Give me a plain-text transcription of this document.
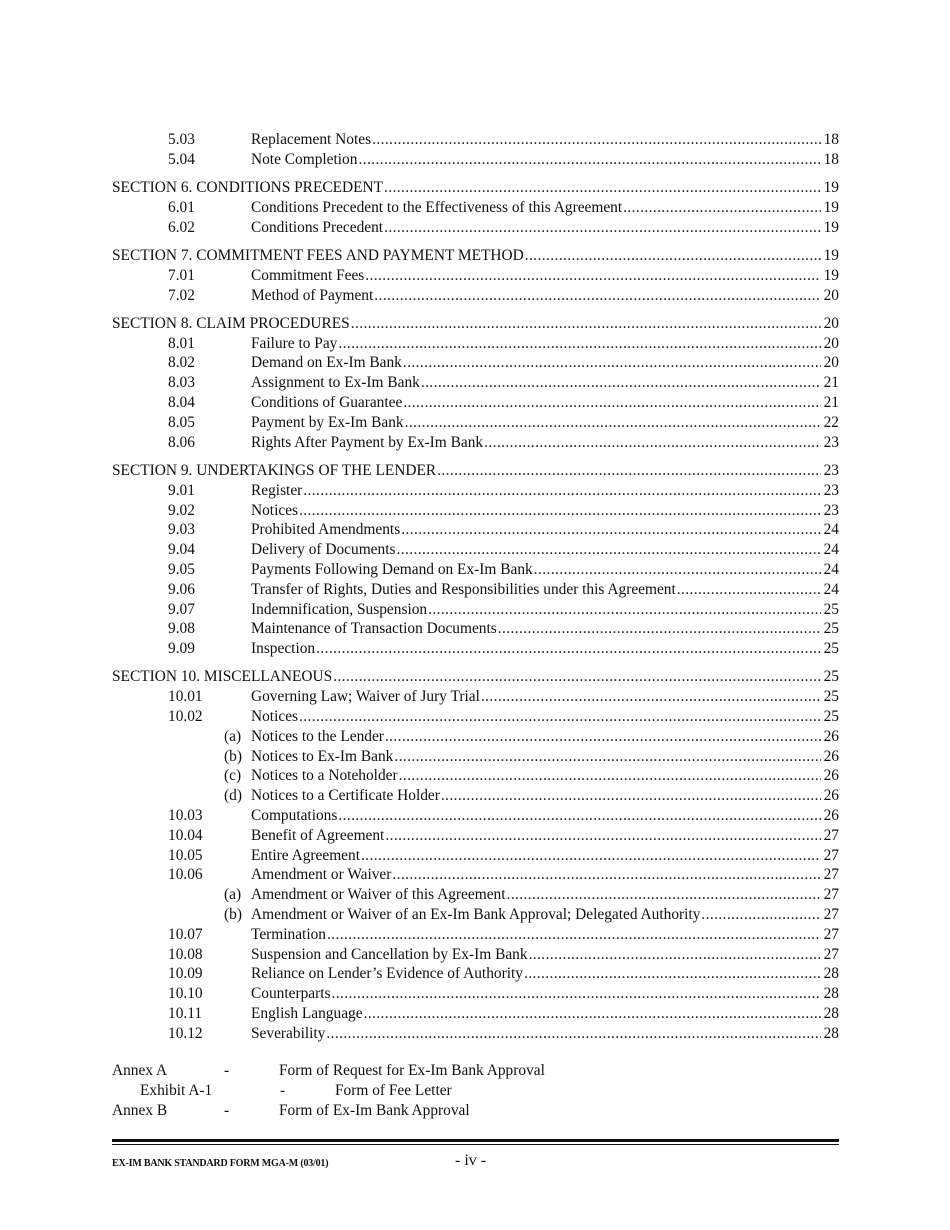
5.03	Replacement Notes .....	18
5.04	Note Completion .....	18
SECTION 6. CONDITIONS PRECEDENT .....	19
6.01	Conditions Precedent to the Effectiveness of this Agreement .....	19
6.02	Conditions Precedent .....	19
SECTION 7. COMMITMENT FEES AND PAYMENT METHOD .....	19
7.01	Commitment Fees .....	19
7.02	Method of Payment .....	20
SECTION 8. CLAIM PROCEDURES .....	20
8.01	Failure to Pay .....	20
8.02	Demand on Ex-Im Bank .....	20
8.03	Assignment to Ex-Im Bank .....	21
8.04	Conditions of Guarantee .....	21
8.05	Payment by Ex-Im Bank .....	22
8.06	Rights After Payment by Ex-Im Bank .....	23
SECTION 9. UNDERTAKINGS OF THE LENDER .....	23
9.01	Register .....	23
9.02	Notices .....	23
9.03	Prohibited Amendments .....	24
9.04	Delivery of Documents .....	24
9.05	Payments Following Demand on Ex-Im Bank .....	24
9.06	Transfer of Rights, Duties and Responsibilities under this Agreement .....	24
9.07	Indemnification, Suspension .....	25
9.08	Maintenance of Transaction Documents .....	25
9.09	Inspection .....	25
SECTION 10. MISCELLANEOUS .....	25
10.01	Governing Law; Waiver of Jury Trial .....	25
10.02	Notices .....	25
(a) Notices to the Lender .....	26
(b) Notices to Ex-Im Bank .....	26
(c) Notices to a Noteholder .....	26
(d) Notices to a Certificate Holder .....	26
10.03	Computations .....	26
10.04	Benefit of Agreement .....	27
10.05	Entire Agreement .....	27
10.06	Amendment or Waiver .....	27
(a) Amendment or Waiver of this Agreement .....	27
(b) Amendment or Waiver of an Ex-Im Bank Approval; Delegated Authority .....	27
10.07	Termination .....	27
10.08	Suspension and Cancellation by Ex-Im Bank .....	27
10.09	Reliance on Lender’s Evidence of Authority .....	28
10.10	Counterparts .....	28
10.11	English Language .....	28
10.12	Severability .....	28
Annex A	-	Form of Request for Ex-Im Bank Approval
Exhibit A-1	-	Form of Fee Letter
Annex B	-	Form of Ex-Im Bank Approval
EX-IM BANK STANDARD FORM MGA-M (03/01)	- iv -
